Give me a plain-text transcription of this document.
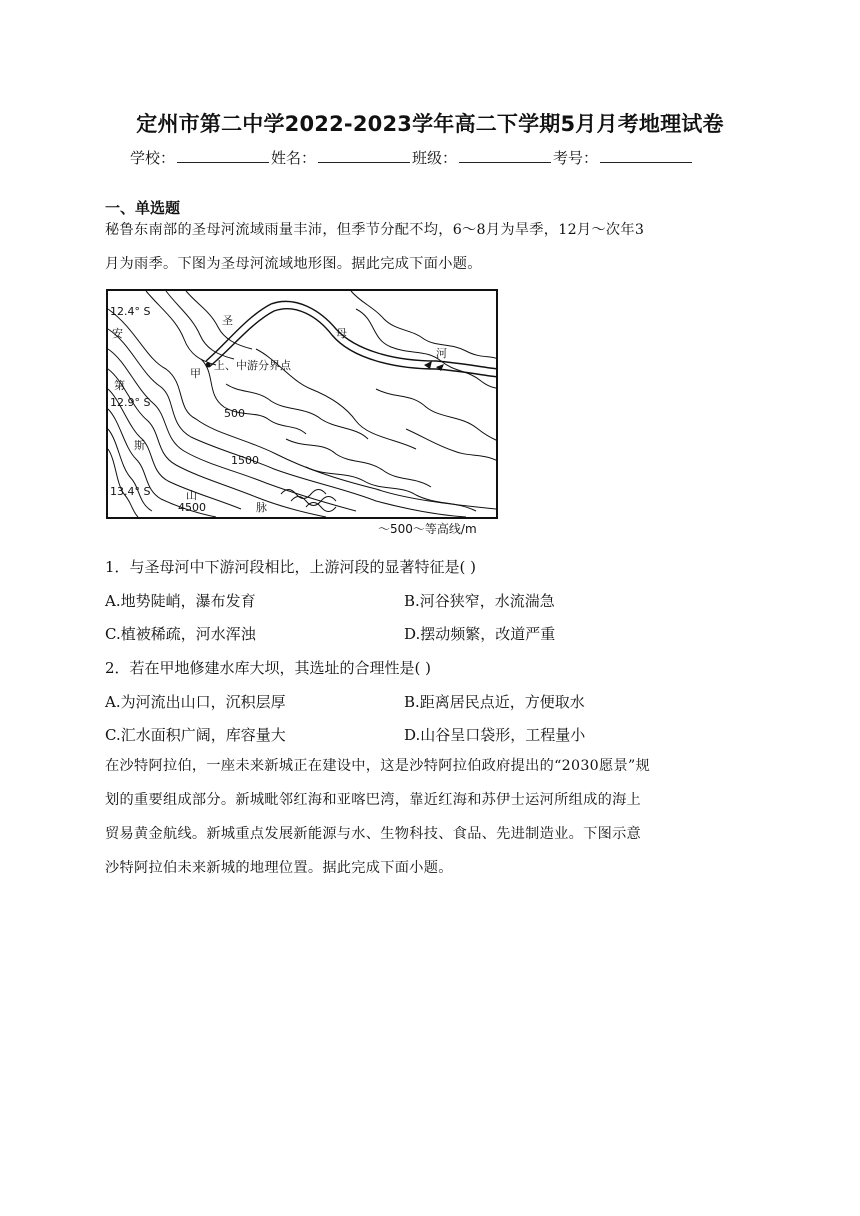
定州市第二中学2022-2023学年高二下学期5月月考地理试卷
学校：	姓名：	班级：	考号：
一、单选题
秘鲁东南部的圣母河流域雨量丰沛，但季节分配不均，6～8月为旱季，12月～次年3
月为雨季。下图为圣母河流域地形图。据此完成下面小题。
12.4° S
12.9° S
13.4° S
安
第
斯
山
脉
圣
母
河
甲
上、中游分界点
500
1500
4500
～500～等高线/m
1．与圣母河中下游河段相比，上游河段的显著特征是( )
A.地势陡峭，瀑布发育	B.河谷狭窄，水流湍急
C.植被稀疏，河水浑浊	D.摆动频繁，改道严重
2．若在甲地修建水库大坝，其选址的合理性是( )
A.为河流出山口，沉积层厚	B.距离居民点近，方便取水
C.汇水面积广阔，库容量大	D.山谷呈口袋形，工程量小
在沙特阿拉伯，一座未来新城正在建设中，这是沙特阿拉伯政府提出的“2030愿景”规
划的重要组成部分。新城毗邻红海和亚喀巴湾，靠近红海和苏伊士运河所组成的海上
贸易黄金航线。新城重点发展新能源与水、生物科技、食品、先进制造业。下图示意
沙特阿拉伯未来新城的地理位置。据此完成下面小题。
